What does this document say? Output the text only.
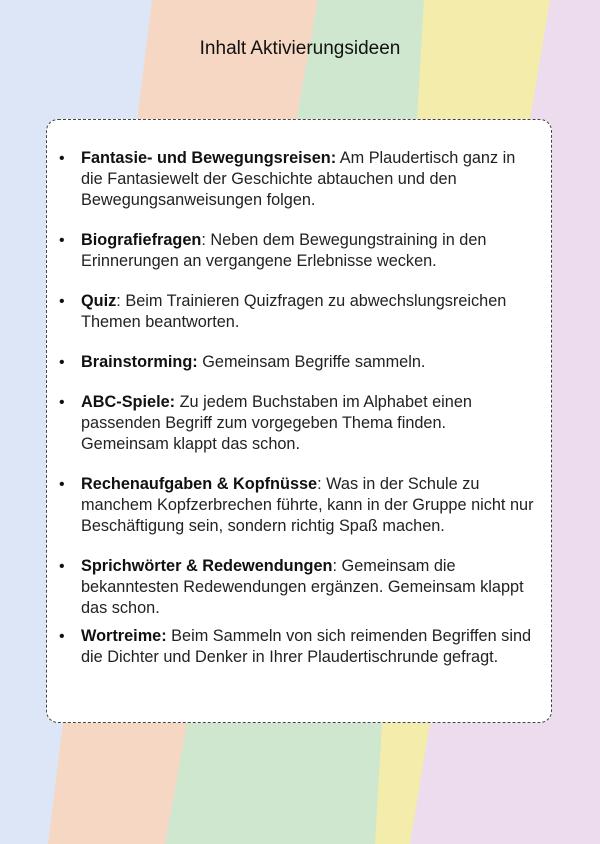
Inhalt Aktivierungsideen
• Fantasie- und Bewegungsreisen: Am Plaudertisch ganz in die Fantasiewelt der Geschichte abtauchen und den Bewegungsanweisungen folgen.
• Biografiefragen: Neben dem Bewegungstraining in den Erinnerungen an vergangene Erlebnisse wecken.
• Quiz: Beim Trainieren Quizfragen zu abwechslungsreichen Themen beantworten.
• Brainstorming: Gemeinsam Begriffe sammeln.
• ABC-Spiele: Zu jedem Buchstaben im Alphabet einen passenden Begriff zum vorgegeben Thema finden. Gemeinsam klappt das schon.
• Rechenaufgaben & Kopfnüsse: Was in der Schule zu manchem Kopfzerbrechen führte, kann in der Gruppe nicht nur Beschäftigung sein, sondern richtig Spaß machen.
• Sprichwörter & Redewendungen: Gemeinsam die bekanntesten Redewendungen ergänzen. Gemeinsam klappt das schon.
• Wortreime: Beim Sammeln von sich reimenden Begriffen sind die Dichter und Denker in Ihrer Plaudertischrunde gefragt.
